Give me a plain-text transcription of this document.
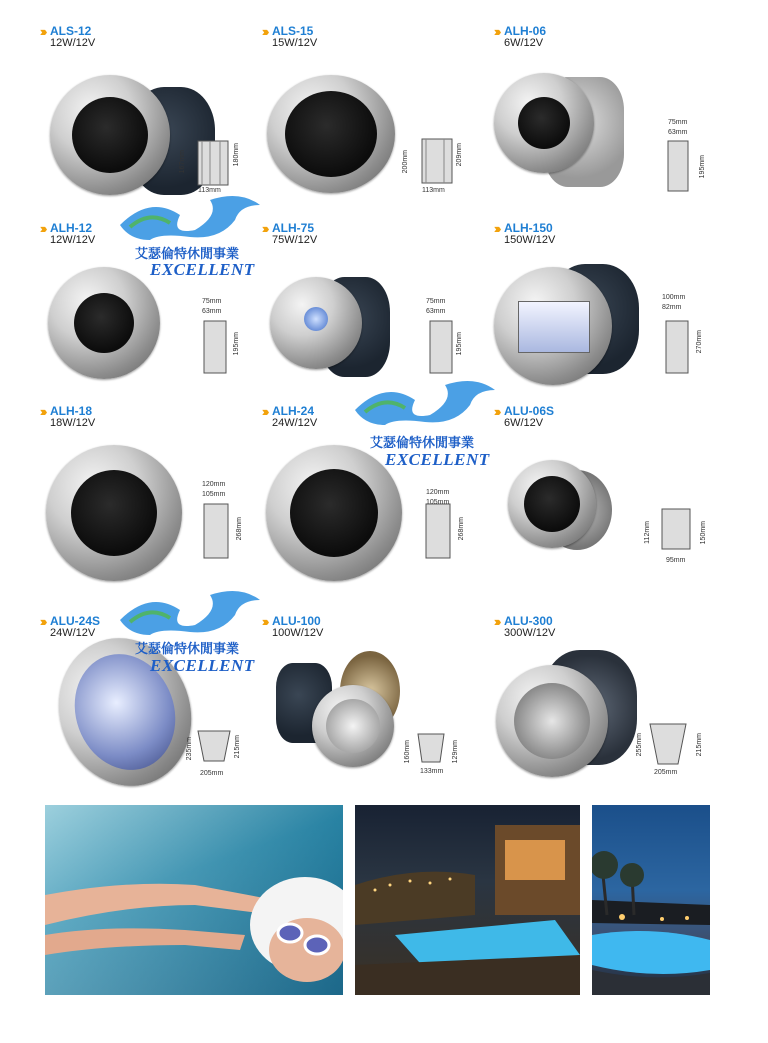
››› ALS-12
12W/12V
167mm	180mm
113mm
››› ALS-15
15W/12V
200mm	209mm
113mm
››› ALH-06
6W/12V
75mm
63mm
195mm
››› ALH-12
12W/12V
75mm
63mm
195mm
››› ALH-75
75W/12V
75mm
63mm
195mm
››› ALH-150
150W/12V
100mm
82mm
270mm
››› ALH-18
18W/12V
120mm
105mm
268mm
››› ALH-24
24W/12V
120mm
105mm
268mm
››› ALU-06S
6W/12V
112mm	150mm
95mm
››› ALU-24S
24W/12V
235mm	215mm
205mm
››› ALU-100
100W/12V
160mm	129mm
133mm
››› ALU-300
300W/12V
255mm	215mm
205mm
艾瑟倫特休閒事業
EXCELLENT
艾瑟倫特休閒事業
EXCELLENT
艾瑟倫特休閒事業
EXCELLENT
